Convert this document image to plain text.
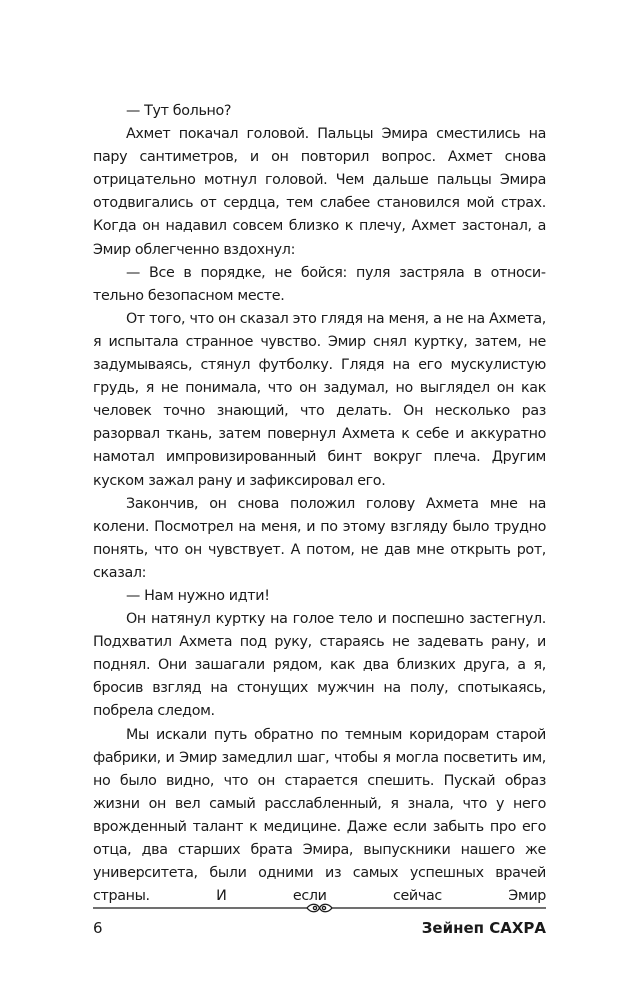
— Тут больно?

Ахмет покачал головой. Пальцы Эмира сместились на пару сантиметров, и он повторил вопрос. Ахмет снова отрицательно мотнул головой. Чем дальше пальцы Эмира отодвигались от сердца, тем слабее становился мой страх. Когда он надавил совсем близко к плечу, Ахмет застонал, а Эмир облегченно вздохнул:

— Все в порядке, не бойся: пуля застряла в относительно безопасном месте.

От того, что он сказал это глядя на меня, а не на Ахмета, я испытала странное чувство. Эмир снял куртку, затем, не задумываясь, стянул футболку. Глядя на его мускулистую грудь, я не понимала, что он задумал, но выглядел он как человек точно знающий, что делать. Он несколько раз разорвал ткань, затем повернул Ахмета к себе и аккуратно намотал импровизированный бинт вокруг плеча. Другим куском зажал рану и зафиксировал его.

Закончив, он снова положил голову Ахмета мне на колени. Посмотрел на меня, и по этому взгляду было трудно понять, что он чувствует. А потом, не дав мне открыть рот, сказал:

— Нам нужно идти!

Он натянул куртку на голое тело и поспешно застегнул. Подхватил Ахмета под руку, стараясь не задевать рану, и поднял. Они зашагали рядом, как два близких друга, а я, бросив взгляд на стонущих мужчин на полу, спотыкаясь, побрела следом.

Мы искали путь обратно по темным коридорам старой фабрики, и Эмир замедлил шаг, чтобы я могла посветить им, но было видно, что он старается спешить. Пускай образ жизни он вел самый расслабленный, я знала, что у него врожденный талант к медицине. Даже если забыть про его отца, два старших брата Эмира, выпускники нашего же университета, были одними из самых успешных врачей страны. И если сейчас Эмир

6	Зейнеп САХРА
